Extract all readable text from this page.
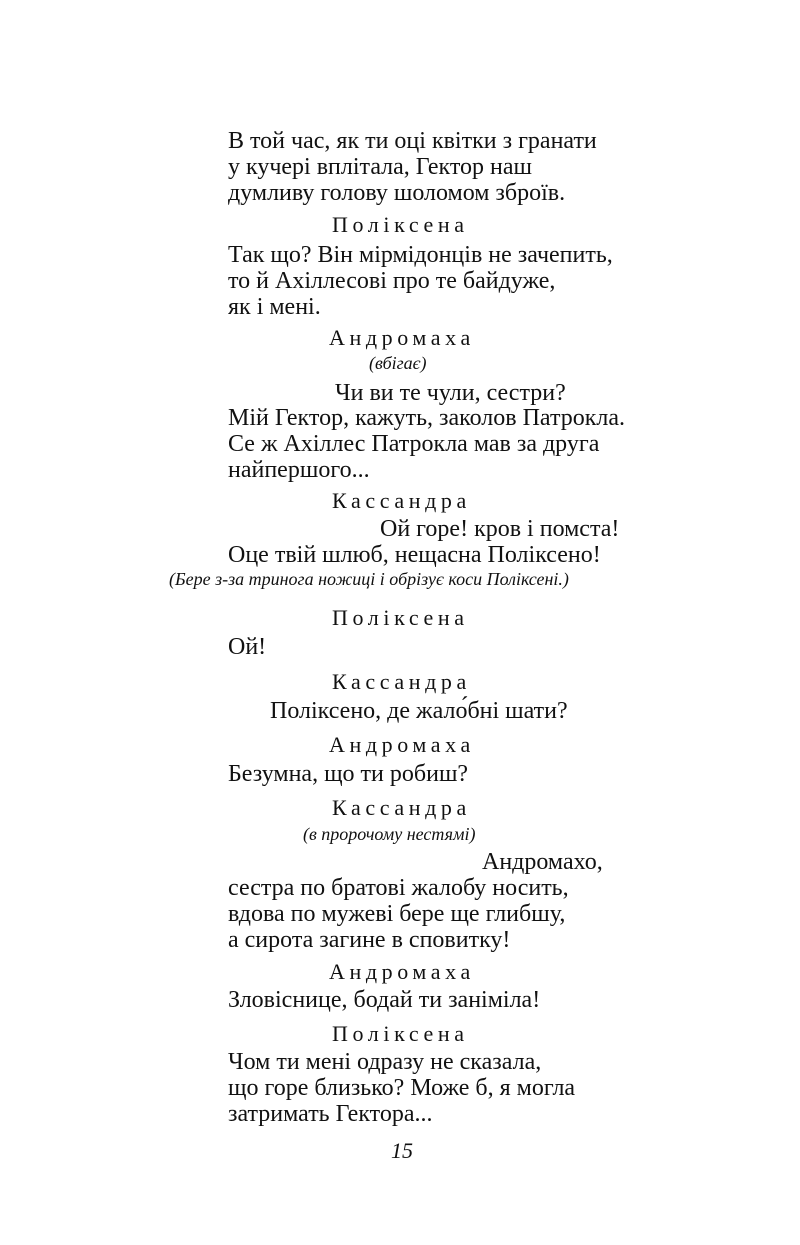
В той час, як ти оці квітки з гранати
у кучері вплітала, Гектор наш
думливу голову шоломом зброїв.
Поліксена
Так що? Він мірмідонців не зачепить,
то й Ахіллесові про те байдуже,
як і мені.
Андромаха
(вбігає)
Чи ви те чули, сестри?
Мій Гектор, кажуть, заколов Патрокла.
Се ж Ахіллес Патрокла мав за друга
найпершого...
Кассандра
Ой горе! кров і помста!
Оце твій шлюб, нещасна Поліксено!
(Бере з-за тринога ножиці і обрізує коси Поліксені.)
Поліксена
Ой!
Кассандра
Поліксено, де жало́бні шати?
Андромаха
Безумна, що ти робиш?
Кассандра
(в пророчому нестямі)
Андромахо,
сестра по братові жалобу носить,
вдова по мужеві бере ще глибшу,
а сирота загине в сповитку!
Андромаха
Зловіснице, бодай ти заніміла!
Поліксена
Чом ти мені одразу не сказала,
що горе близько? Може б, я могла
затримать Гектора...
15
